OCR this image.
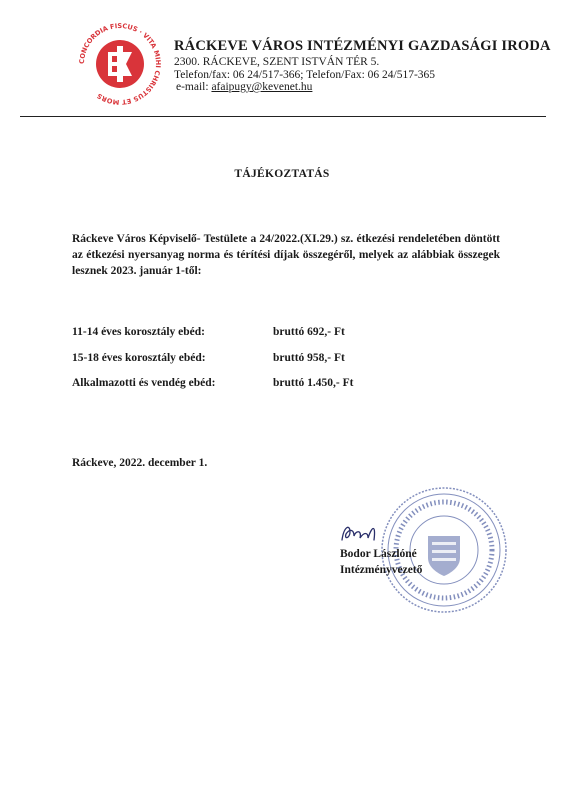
CONCORDIA FISCUS · VITA MIHI CHRISTUS ET MORS
RÁCKEVE VÁROS INTÉZMÉNYI GAZDASÁGI IRODA
2300. RÁCKEVE, SZENT ISTVÁN TÉR 5.
Telefon/fax: 06 24/517-366; Telefon/Fax: 06 24/517-365
e-mail: afaipugy@kevenet.hu
TÁJÉKOZTATÁS
Ráckeve Város Képviselő- Testülete a 24/2022.(XI.29.) sz. étkezési rendeletében döntött az étkezési nyersanyag norma és térítési díjak összegéről, melyek az alábbiak összegek lesznek 2023. január 1-től:
11-14 éves korosztály ebéd:	bruttó 692,- Ft
15-18 éves korosztály ebéd:	bruttó 958,- Ft
Alkalmazotti és vendég ebéd:	bruttó 1.450,- Ft
Ráckeve, 2022. december 1.
Bodor Lászlóné
Intézményvezető
